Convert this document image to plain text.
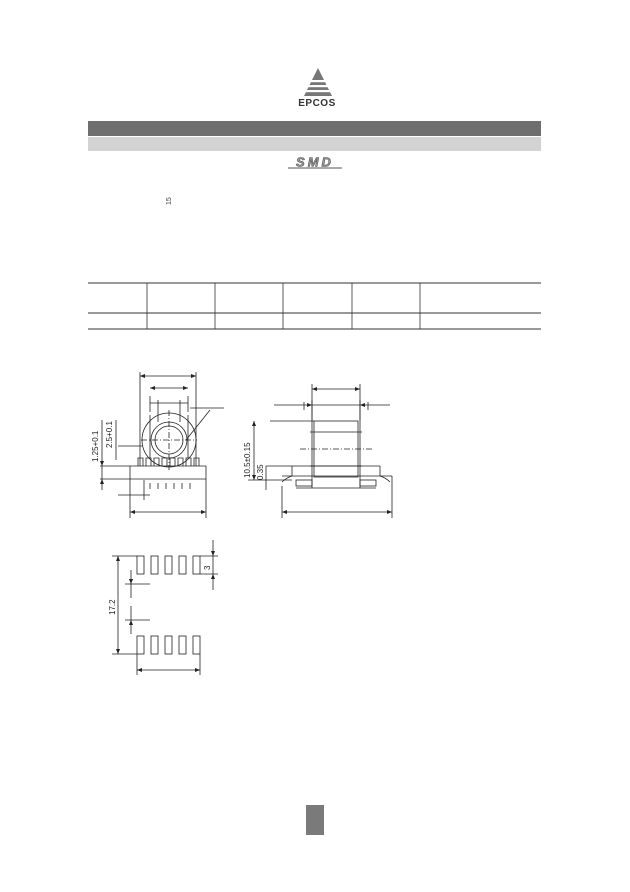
EPCOS
SMD
15
1.25+0.1 2.5+0.1
10.5±0.15 0.35
3
17.2
